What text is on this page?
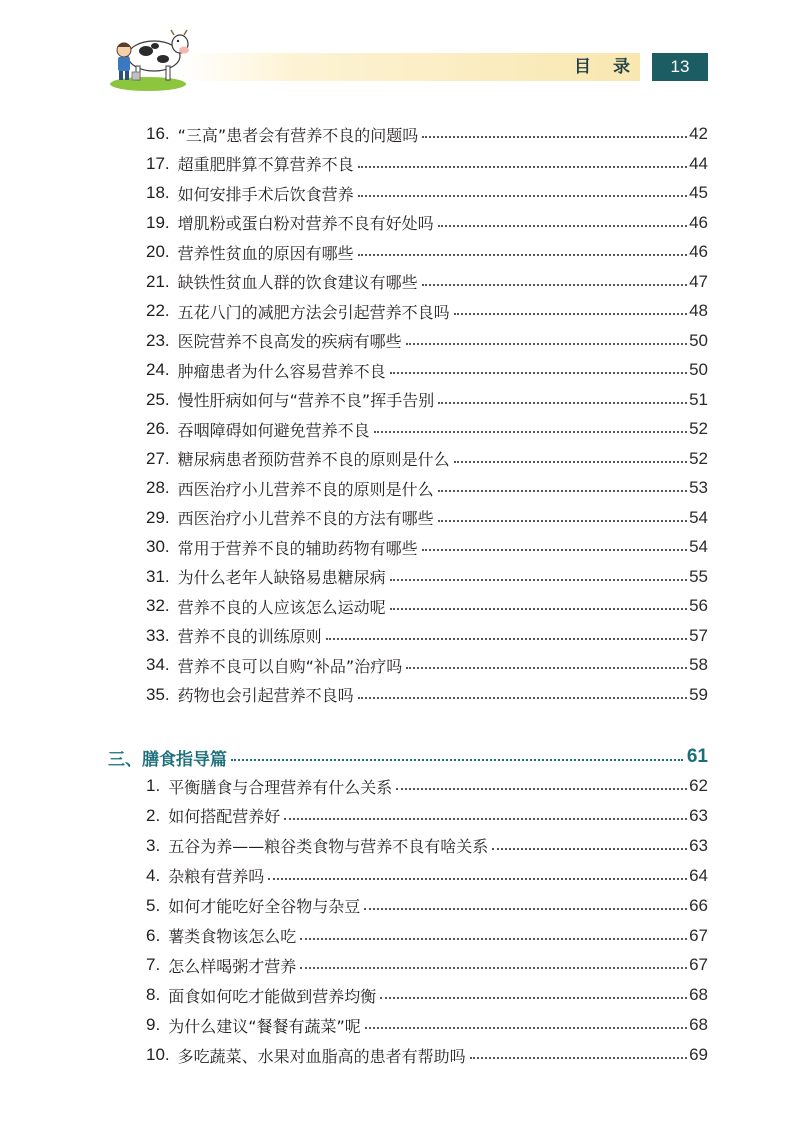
目 录	13
三、膳食指导篇	61
16. “三高”患者会有营养不良的问题吗	42
17. 超重肥胖算不算营养不良	44
18. 如何安排手术后饮食营养	45
19. 增肌粉或蛋白粉对营养不良有好处吗	46
20. 营养性贫血的原因有哪些	46
21. 缺铁性贫血人群的饮食建议有哪些	47
22. 五花八门的减肥方法会引起营养不良吗	48
23. 医院营养不良高发的疾病有哪些	50
24. 肿瘤患者为什么容易营养不良	50
25. 慢性肝病如何与“营养不良”挥手告别	51
26. 吞咽障碍如何避免营养不良	52
27. 糖尿病患者预防营养不良的原则是什么	52
28. 西医治疗小儿营养不良的原则是什么	53
29. 西医治疗小儿营养不良的方法有哪些	54
30. 常用于营养不良的辅助药物有哪些	54
31. 为什么老年人缺铬易患糖尿病	55
32. 营养不良的人应该怎么运动呢	56
33. 营养不良的训练原则	57
34. 营养不良可以自购“补品”治疗吗	58
35. 药物也会引起营养不良吗	59
1. 平衡膳食与合理营养有什么关系	62
2. 如何搭配营养好	63
3. 五谷为养——粮谷类食物与营养不良有啥关系	63
4. 杂粮有营养吗	64
5. 如何才能吃好全谷物与杂豆	66
6. 薯类食物该怎么吃	67
7. 怎么样喝粥才营养	67
8. 面食如何吃才能做到营养均衡	68
9. 为什么建议“餐餐有蔬菜”呢	68
10. 多吃蔬菜、水果对血脂高的患者有帮助吗	69
